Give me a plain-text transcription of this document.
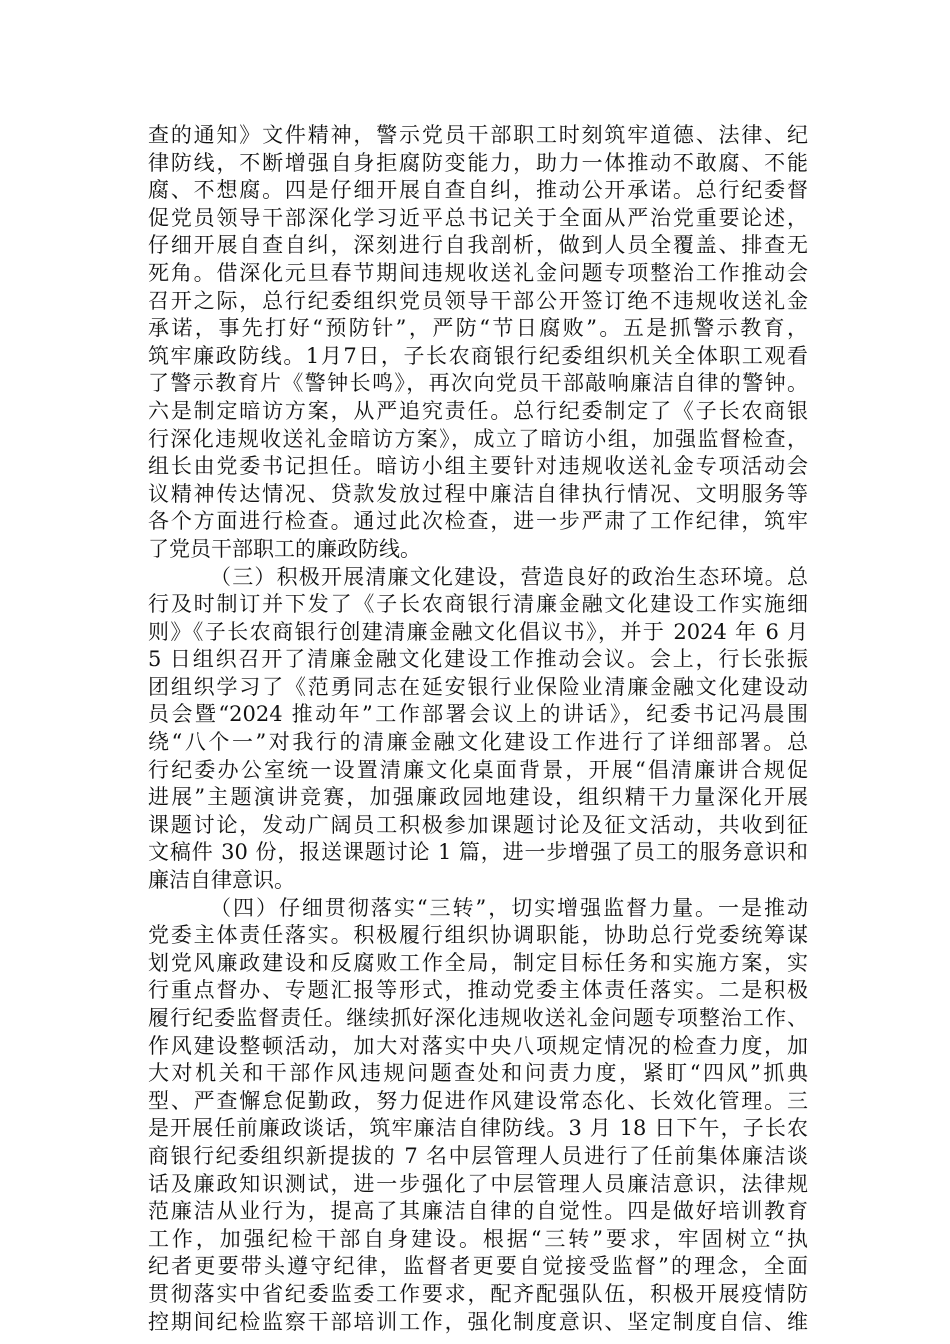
查的通知》文件精神，警示党员干部职工时刻筑牢道德、法律、纪
律防线，不断增强自身拒腐防变能力，助力一体推动不敢腐、不能
腐、不想腐。四是仔细开展自查自纠，推动公开承诺。总行纪委督
促党员领导干部深化学习近平总书记关于全面从严治党重要论述，
仔细开展自查自纠，深刻进行自我剖析，做到人员全覆盖、排查无
死角。借深化元旦春节期间违规收送礼金问题专项整治工作推动会
召开之际，总行纪委组织党员领导干部公开签订绝不违规收送礼金
承诺，事先打好“预防针”，严防“节日腐败”。五是抓警示教育，
筑牢廉政防线。1月7日，子长农商银行纪委组织机关全体职工观看
了警示教育片《警钟长鸣》，再次向党员干部敲响廉洁自律的警钟。
六是制定暗访方案，从严追究责任。总行纪委制定了《子长农商银
行深化违规收送礼金暗访方案》，成立了暗访小组，加强监督检查，
组长由党委书记担任。暗访小组主要针对违规收送礼金专项活动会
议精神传达情况、贷款发放过程中廉洁自律执行情况、文明服务等
各个方面进行检查。通过此次检查，进一步严肃了工作纪律，筑牢
了党员干部职工的廉政防线。
（三）积极开展清廉文化建设，营造良好的政治生态环境。总
行及时制订并下发了《子长农商银行清廉金融文化建设工作实施细
则》《子长农商银行创建清廉金融文化倡议书》，并于 2024 年 6 月
5 日组织召开了清廉金融文化建设工作推动会议。会上，行长张振
团组织学习了《范勇同志在延安银行业保险业清廉金融文化建设动
员会暨“2024 推动年”工作部署会议上的讲话》，纪委书记冯晨围
绕“八个一”对我行的清廉金融文化建设工作进行了详细部署。总
行纪委办公室统一设置清廉文化桌面背景，开展“倡清廉讲合规促
进展”主题演讲竞赛，加强廉政园地建设，组织精干力量深化开展
课题讨论，发动广阔员工积极参加课题讨论及征文活动，共收到征
文稿件 30 份，报送课题讨论 1 篇，进一步增强了员工的服务意识和
廉洁自律意识。
（四）仔细贯彻落实“三转”，切实增强监督力量。一是推动
党委主体责任落实。积极履行组织协调职能，协助总行党委统筹谋
划党风廉政建设和反腐败工作全局，制定目标任务和实施方案，实
行重点督办、专题汇报等形式，推动党委主体责任落实。二是积极
履行纪委监督责任。继续抓好深化违规收送礼金问题专项整治工作、
作风建设整顿活动，加大对落实中央八项规定情况的检查力度，加
大对机关和干部作风违规问题查处和问责力度，紧盯“四风”抓典
型、严查懈怠促勤政，努力促进作风建设常态化、长效化管理。三
是开展任前廉政谈话，筑牢廉洁自律防线。3 月 18 日下午，子长农
商银行纪委组织新提拔的 7 名中层管理人员进行了任前集体廉洁谈
话及廉政知识测试，进一步强化了中层管理人员廉洁意识，法律规
范廉洁从业行为，提高了其廉洁自律的自觉性。四是做好培训教育
工作，加强纪检干部自身建设。根据“三转”要求，牢固树立“执
纪者更要带头遵守纪律，监督者更要自觉接受监督”的理念，全面
贯彻落实中省纪委监委工作要求，配齐配强队伍，积极开展疫情防
控期间纪检监察干部培训工作，强化制度意识、坚定制度自信、维
